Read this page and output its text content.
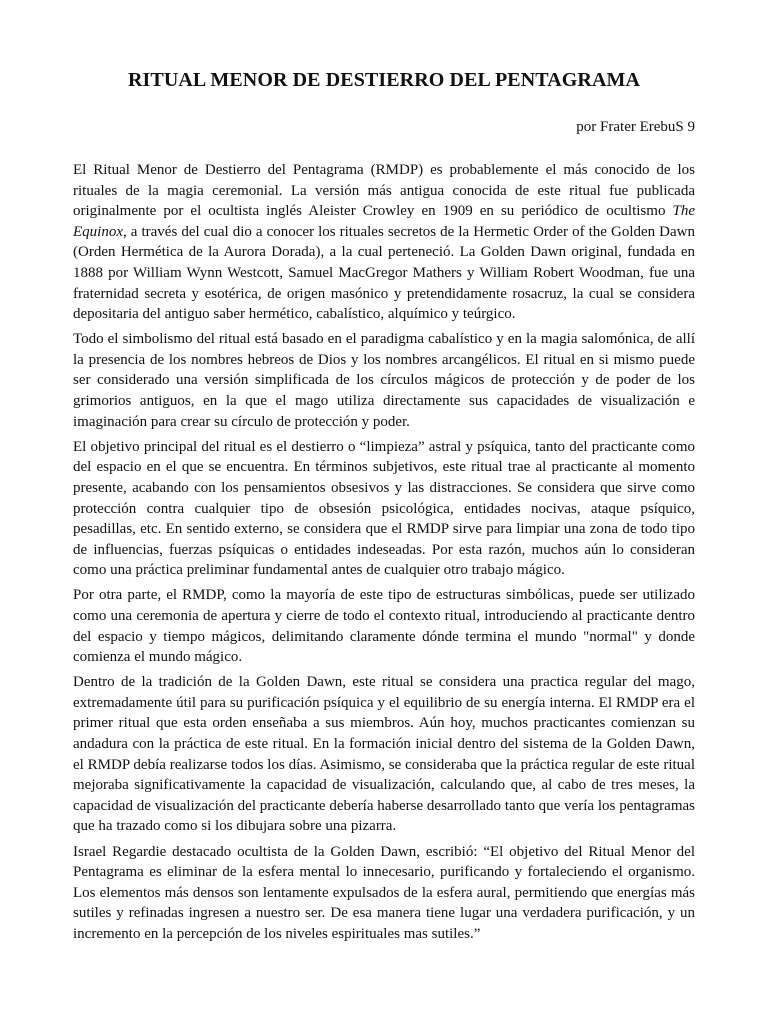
RITUAL MENOR DE DESTIERRO DEL PENTAGRAMA
por Frater ErebuS 9

El Ritual Menor de Destierro del Pentagrama (RMDP) es probablemente el más conocido de los rituales de la magia ceremonial. La versión más antigua conocida de este ritual fue publicada originalmente por el ocultista inglés Aleister Crowley en 1909 en su periódico de ocultismo The Equinox, a través del cual dio a conocer los rituales secretos de la Hermetic Order of the Golden Dawn (Orden Hermética de la Aurora Dorada), a la cual perteneció. La Golden Dawn original, fundada en 1888 por William Wynn Westcott, Samuel MacGregor Mathers y William Robert Woodman, fue una fraternidad secreta y esotérica, de origen masónico y pretendidamente rosacruz, la cual se considera depositaria del antiguo saber hermético, cabalístico, alquímico y teúrgico.

Todo el simbolismo del ritual está basado en el paradigma cabalístico y en la magia salomónica, de allí la presencia de los nombres hebreos de Dios y los nombres arcangélicos. El ritual en si mismo puede ser considerado una versión simplificada de los círculos mágicos de protección y de poder de los grimorios antiguos, en la que el mago utiliza directamente sus capacidades de visualización e imaginación para crear su círculo de protección y poder.

El objetivo principal del ritual es el destierro o “limpieza” astral y psíquica, tanto del practicante como del espacio en el que se encuentra. En términos subjetivos, este ritual trae al practicante al momento presente, acabando con los pensamientos obsesivos y las distracciones. Se considera que sirve como protección contra cualquier tipo de obsesión psicológica, entidades nocivas, ataque psíquico, pesadillas, etc. En sentido externo, se considera que el RMDP sirve para limpiar una zona de todo tipo de influencias, fuerzas psíquicas o entidades indeseadas. Por esta razón, muchos aún lo consideran como una práctica preliminar fundamental antes de cualquier otro trabajo mágico.

Por otra parte, el RMDP, como la mayoría de este tipo de estructuras simbólicas, puede ser utilizado como una ceremonia de apertura y cierre de todo el contexto ritual, introduciendo al practicante dentro del espacio y tiempo mágicos, delimitando claramente dónde termina el mundo "normal" y donde comienza el mundo mágico.

Dentro de la tradición de la Golden Dawn, este ritual se considera una practica regular del mago, extremadamente útil para su purificación psíquica y el equilibrio de su energía interna. El RMDP era el primer ritual que esta orden enseñaba a sus miembros. Aún hoy, muchos practicantes comienzan su andadura con la práctica de este ritual. En la formación inicial dentro del sistema de la Golden Dawn, el RMDP debía realizarse todos los días. Asimismo, se consideraba que la práctica regular de este ritual mejoraba significativamente la capacidad de visualización, calculando que, al cabo de tres meses, la capacidad de visualización del practicante debería haberse desarrollado tanto que vería los pentagramas que ha trazado como si los dibujara sobre una pizarra.

Israel Regardie destacado ocultista de la Golden Dawn, escribió: “El objetivo del Ritual Menor del Pentagrama es eliminar de la esfera mental lo innecesario, purificando y fortaleciendo el organismo. Los elementos más densos son lentamente expulsados de la esfera aural, permitiendo que energías más sutiles y refinadas ingresen a nuestro ser. De esa manera tiene lugar una verdadera purificación, y un incremento en la percepción de los niveles espirituales mas sutiles.”
